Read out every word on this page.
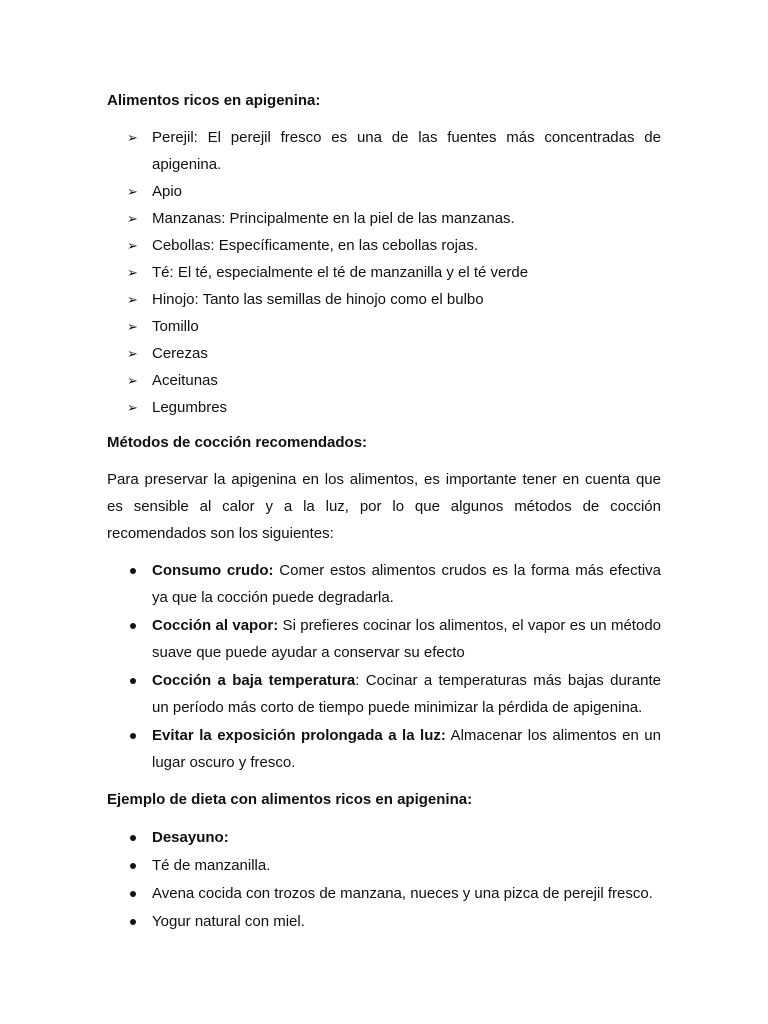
Alimentos ricos en apigenina:
➢ Perejil: El perejil fresco es una de las fuentes más concentradas de
apigenina.
➢ Apio
➢ Manzanas: Principalmente en la piel de las manzanas.
➢ Cebollas: Específicamente, en las cebollas rojas.
➢ Té: El té, especialmente el té de manzanilla y el té verde
➢ Hinojo: Tanto las semillas de hinojo como el bulbo
➢ Tomillo
➢ Cerezas
➢ Aceitunas
➢ Legumbres
Métodos de cocción recomendados:
Para preservar la apigenina en los alimentos, es importante tener en cuenta que
es sensible al calor y a la luz, por lo que algunos métodos de cocción
recomendados son los siguientes:
Consumo crudo: Comer estos alimentos crudos es la forma más efectiva
ya que la cocción puede degradarla.
Cocción al vapor: Si prefieres cocinar los alimentos, el vapor es un método
suave que puede ayudar a conservar su efecto
Cocción a baja temperatura: Cocinar a temperaturas más bajas durante
un período más corto de tiempo puede minimizar la pérdida de apigenina.
Evitar la exposición prolongada a la luz: Almacenar los alimentos en un
lugar oscuro y fresco.
Ejemplo de dieta con alimentos ricos en apigenina:
Desayuno:
Té de manzanilla.
Avena cocida con trozos de manzana, nueces y una pizca de perejil fresco.
Yogur natural con miel.
